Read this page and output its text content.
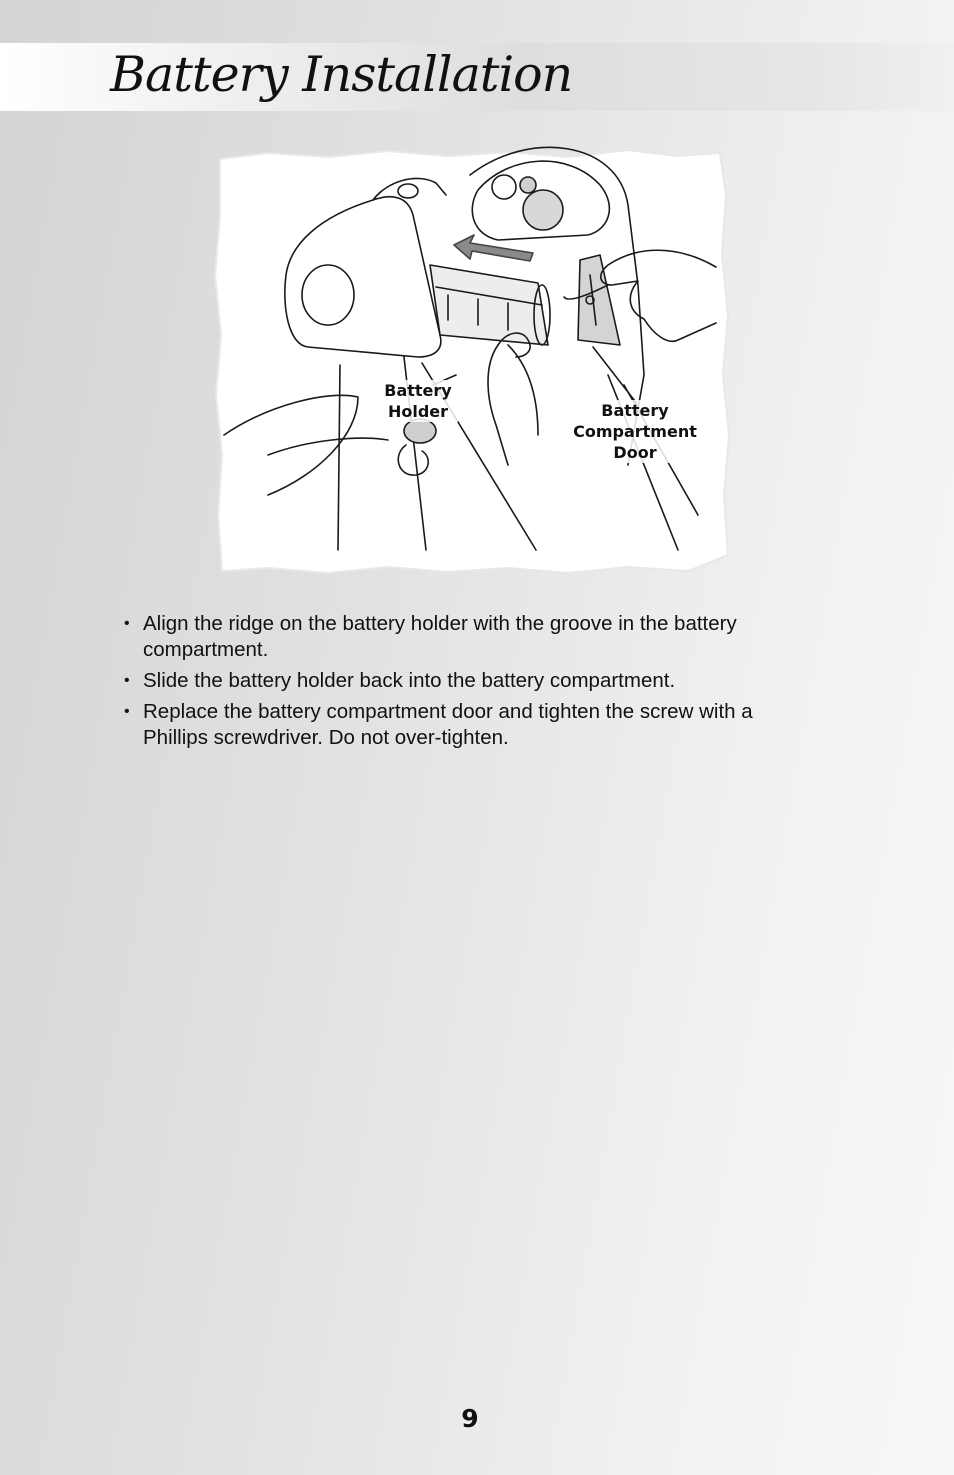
Battery Installation
Battery
Holder	Battery
Compartment
Door
• Align the ridge on the battery holder with the groove in the battery compartment.
• Slide the battery holder back into the battery compartment.
• Replace the battery compartment door and tighten the screw with a Phillips screwdriver. Do not over-tighten.
9
